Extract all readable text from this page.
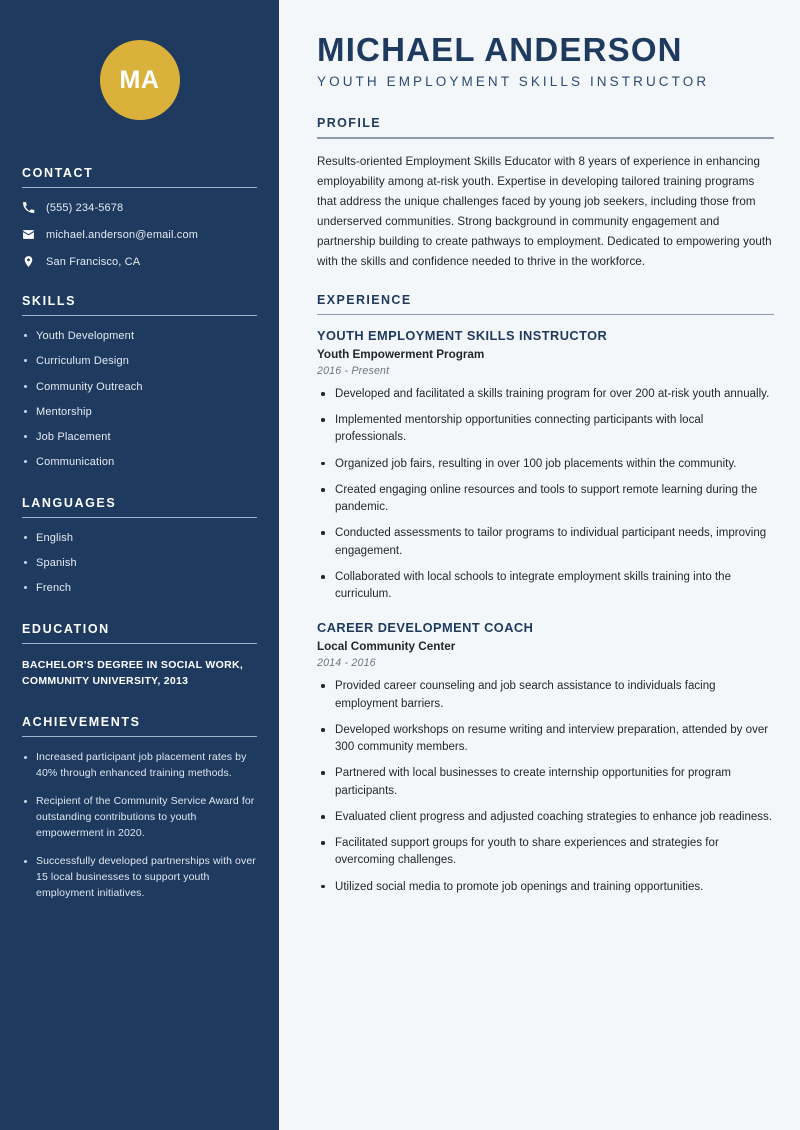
MA
CONTACT
(555) 234-5678
michael.anderson@email.com
San Francisco, CA
SKILLS
Youth Development
Curriculum Design
Community Outreach
Mentorship
Job Placement
Communication
LANGUAGES
English
Spanish
French
EDUCATION
BACHELOR'S DEGREE IN SOCIAL WORK, COMMUNITY UNIVERSITY, 2013
ACHIEVEMENTS
Increased participant job placement rates by 40% through enhanced training methods.
Recipient of the Community Service Award for outstanding contributions to youth empowerment in 2020.
Successfully developed partnerships with over 15 local businesses to support youth employment initiatives.
MICHAEL ANDERSON
YOUTH EMPLOYMENT SKILLS INSTRUCTOR
PROFILE

Results-oriented Employment Skills Educator with 8 years of experience in enhancing employability among at-risk youth. Expertise in developing tailored training programs that address the unique challenges faced by young job seekers, including those from underserved communities. Strong background in community engagement and partnership building to create pathways to employment. Dedicated to empowering youth with the skills and confidence needed to thrive in the workforce.

EXPERIENCE
YOUTH EMPLOYMENT SKILLS INSTRUCTOR
Youth Empowerment Program
2016 - Present
Developed and facilitated a skills training program for over 200 at-risk youth annually.
Implemented mentorship opportunities connecting participants with local professionals.
Organized job fairs, resulting in over 100 job placements within the community.
Created engaging online resources and tools to support remote learning during the pandemic.
Conducted assessments to tailor programs to individual participant needs, improving engagement.
Collaborated with local schools to integrate employment skills training into the curriculum.
CAREER DEVELOPMENT COACH
Local Community Center
2014 - 2016
Provided career counseling and job search assistance to individuals facing employment barriers.
Developed workshops on resume writing and interview preparation, attended by over 300 community members.
Partnered with local businesses to create internship opportunities for program participants.
Evaluated client progress and adjusted coaching strategies to enhance job readiness.
Facilitated support groups for youth to share experiences and strategies for overcoming challenges.
Utilized social media to promote job openings and training opportunities.
